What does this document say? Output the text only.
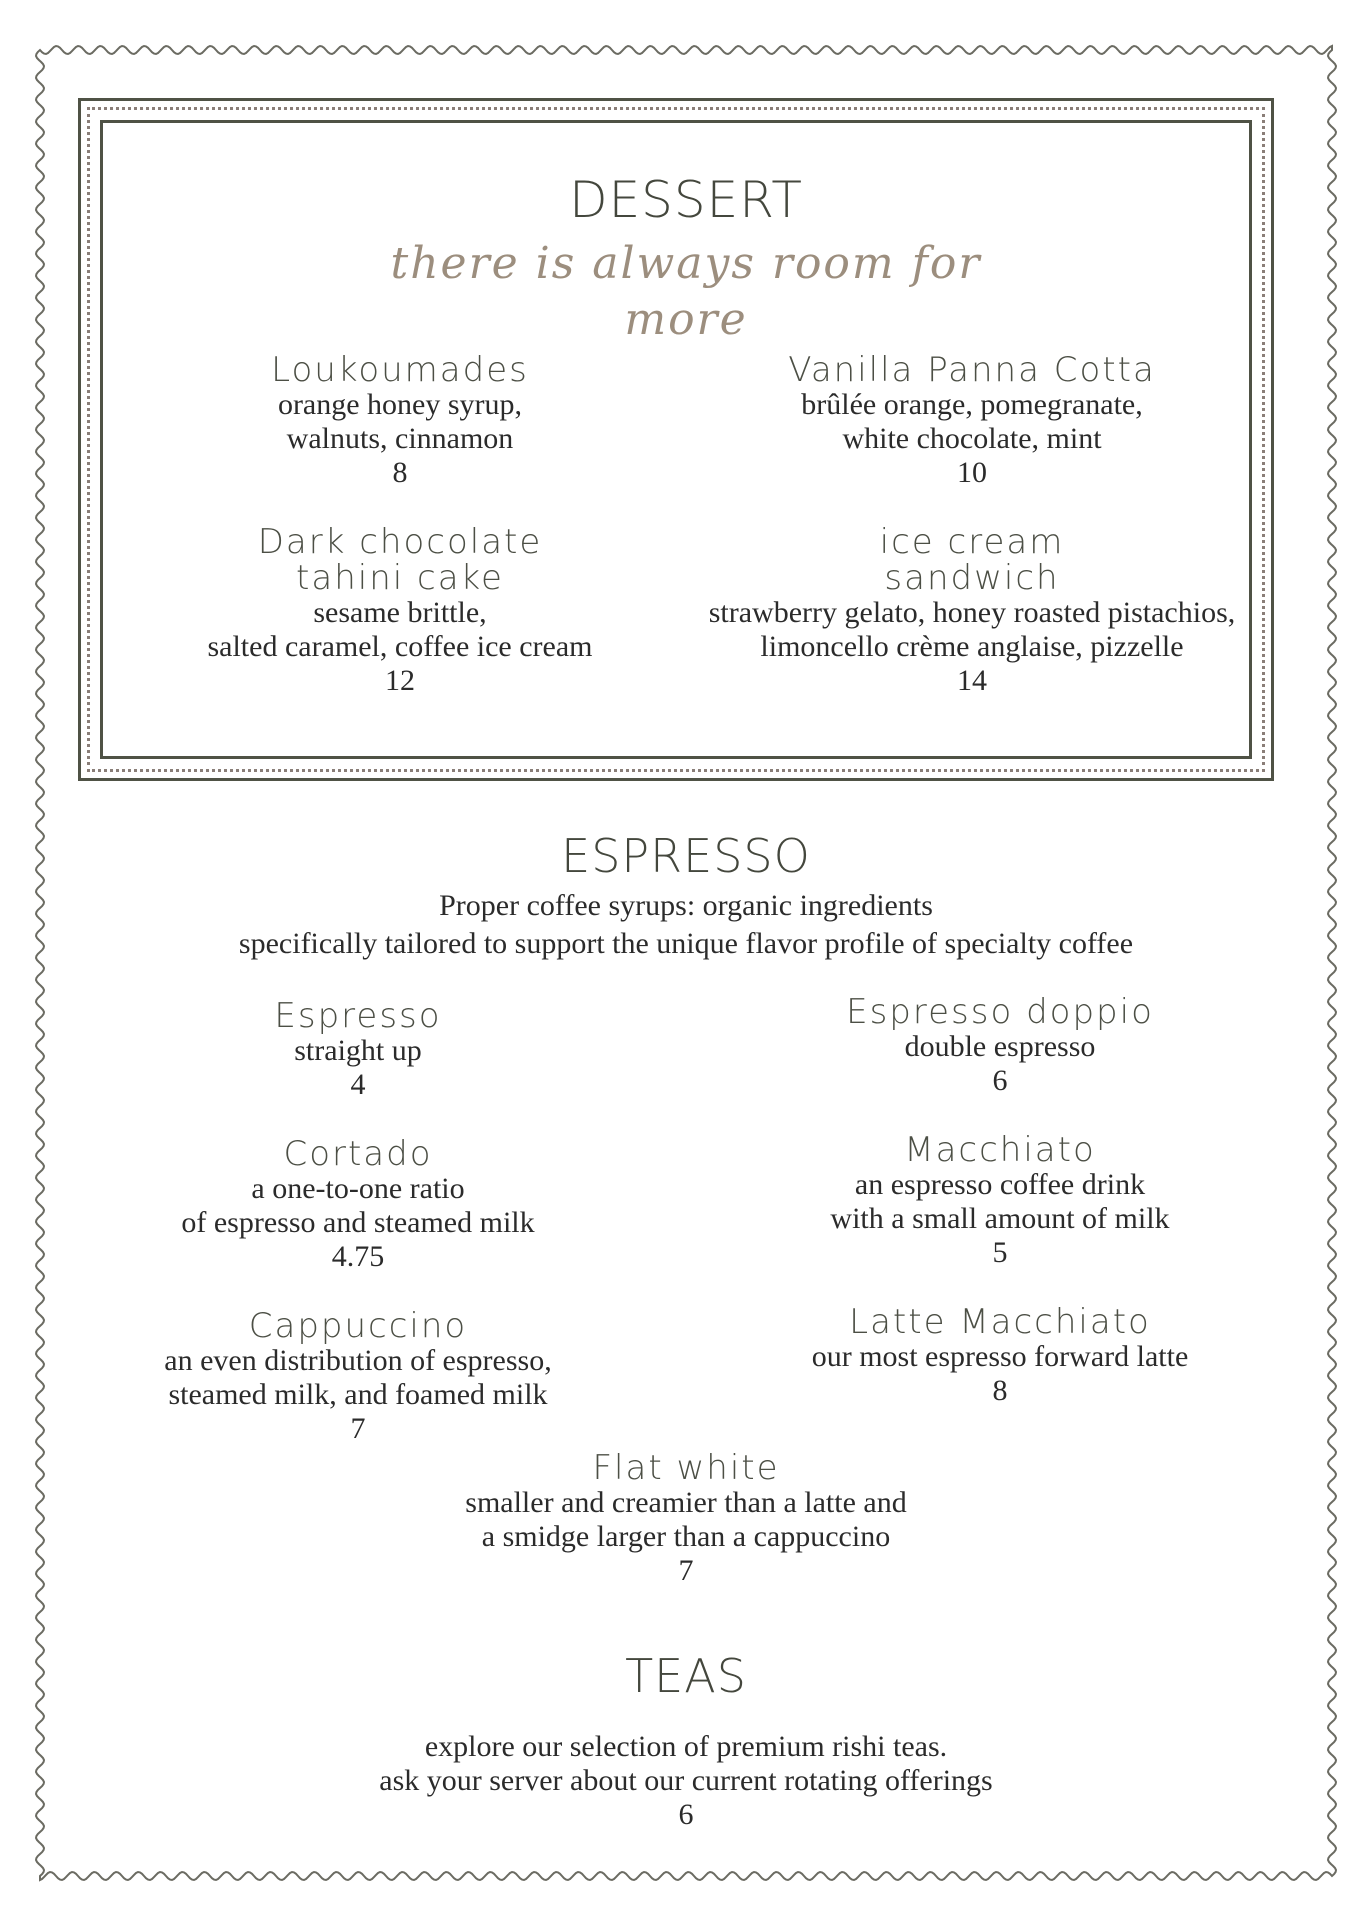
DESSERT
there is always room for more
Loukoumades
orange honey syrup,
walnuts, cinnamon
8
Vanilla Panna Cotta
brûlée orange, pomegranate,
white chocolate, mint
10
Dark chocolate
tahini cake
sesame brittle,
salted caramel, coffee ice cream
12
ice cream
sandwich
strawberry gelato, honey roasted pistachios,
limoncello crème anglaise, pizzelle
14
ESPRESSO
Proper coffee syrups: organic ingredients
specifically tailored to support the unique flavor profile of specialty coffee
Espresso
straight up
4
Espresso doppio
double espresso
6
Cortado
a one-to-one ratio
of espresso and steamed milk
4.75
Macchiato
an espresso coffee drink
with a small amount of milk
5
Cappuccino
an even distribution of espresso,
steamed milk, and foamed milk
7
Latte Macchiato
our most espresso forward latte
8
Flat white
smaller and creamier than a latte and
a smidge larger than a cappuccino
7
TEAS
explore our selection of premium rishi teas.
ask your server about our current rotating offerings
6
